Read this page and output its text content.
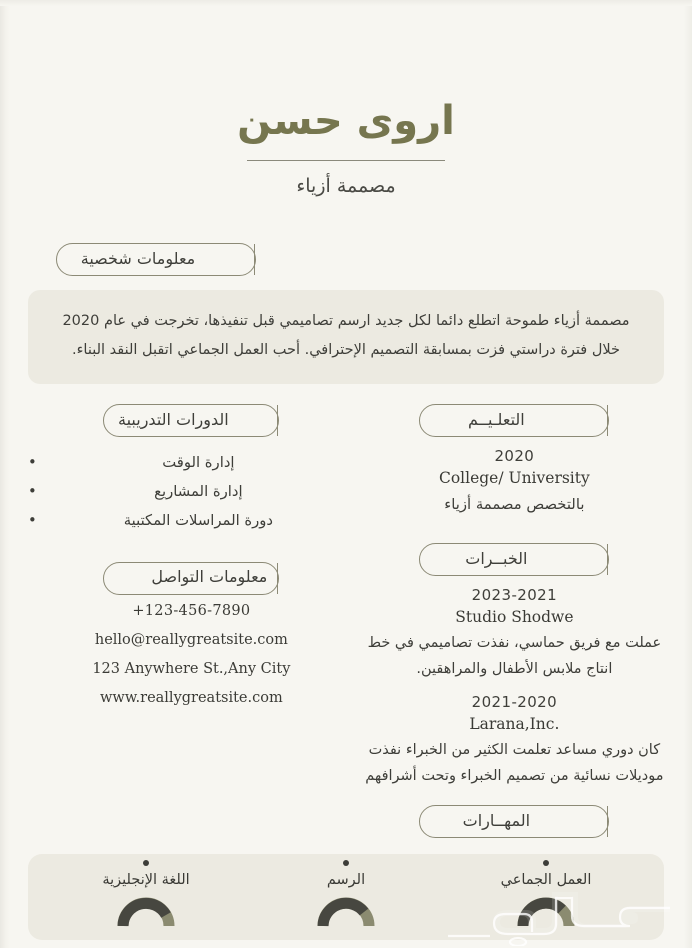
اروى حسن
مصممة أزياء
معلومات شخصية
مصممة أزياء طموحة اتطلع دائما لكل جديد ارسم تصاميمي قبل تنفيذها، تخرجت في عام 2020 خلال فترة دراستي فزت بمسابقة التصميم الإحترافي. أحب العمل الجماعي اتقبل النقد البناء.
التعلـيــم
2020
College/ University
بالتخصص مصممة أزياء
الخبــرات
2023-2021
Studio Shodwe
عملت مع فريق حماسي، نفذت تصاميمي في خط انتاج ملابس الأطفال والمراهقين.
2021-2020
Larana,Inc.
كان دوري مساعد تعلمت الكثير من الخبراء نفذت موديلات نسائية من تصميم الخبراء وتحت أشرافهم
المهــارات
الدورات التدريبية
إدارة الوقت •
إدارة المشاريع •
دورة المراسلات المكتبية •
معلومات التواصل
+123-456-7890
hello@reallygreatsite.com
123 Anywhere St.,Any City
www.reallygreatsite.com
العمل الجماعي
الرسم
اللغة الإنجليزية
